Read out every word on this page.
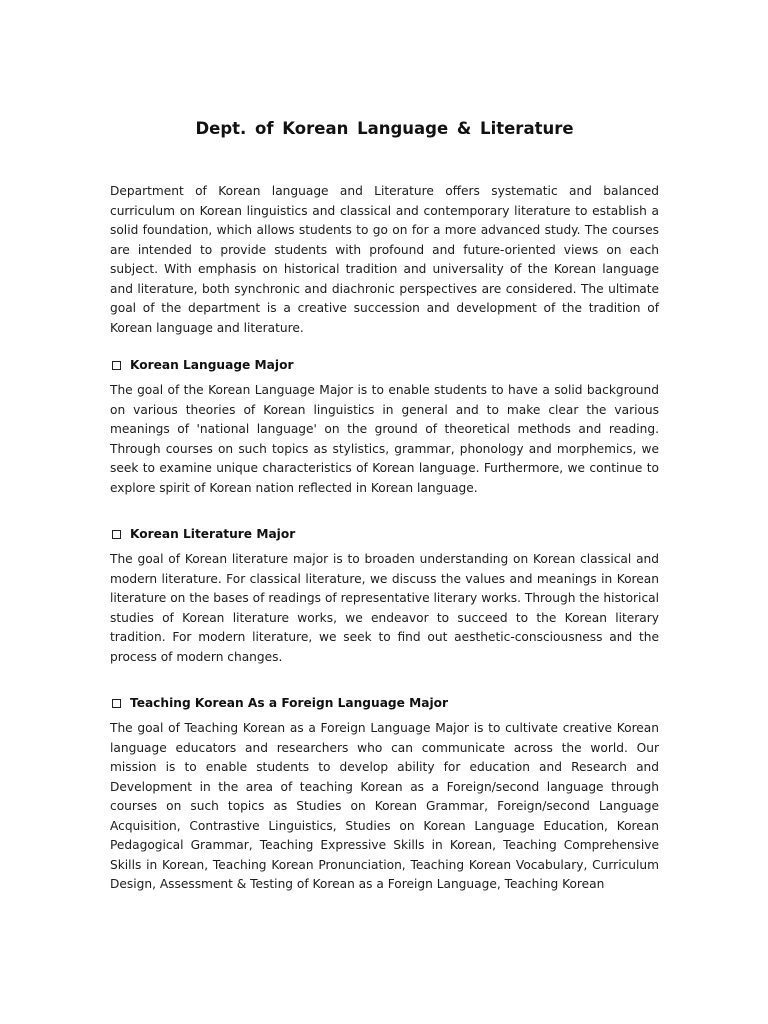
Dept. of Korean Language & Literature

Department of Korean language and Literature offers systematic and balanced curriculum on Korean linguistics and classical and contemporary literature to establish a solid foundation, which allows students to go on for a more advanced study. The courses are intended to provide students with profound and future-oriented views on each subject. With emphasis on historical tradition and universality of the Korean language and literature, both synchronic and diachronic perspectives are considered. The ultimate goal of the department is a creative succession and development of the tradition of Korean language and literature.

Korean Language Major

The goal of the Korean Language Major is to enable students to have a solid background on various theories of Korean linguistics in general and to make clear the various meanings of 'national language' on the ground of theoretical methods and reading. Through courses on such topics as stylistics, grammar, phonology and morphemics, we seek to examine unique characteristics of Korean language. Furthermore, we continue to explore spirit of Korean nation reflected in Korean language.

Korean Literature Major

The goal of Korean literature major is to broaden understanding on Korean classical and modern literature. For classical literature, we discuss the values and meanings in Korean literature on the bases of readings of representative literary works. Through the historical studies of Korean literature works, we endeavor to succeed to the Korean literary tradition. For modern literature, we seek to find out aesthetic-consciousness and the process of modern changes.

Teaching Korean As a Foreign Language Major

The goal of Teaching Korean as a Foreign Language Major is to cultivate creative Korean language educators and researchers who can communicate across the world. Our mission is to enable students to develop ability for education and Research and Development in the area of teaching Korean as a Foreign/second language through courses on such topics as Studies on Korean Grammar, Foreign/second Language Acquisition, Contrastive Linguistics, Studies on Korean Language Education, Korean Pedagogical Grammar, Teaching Expressive Skills in Korean, Teaching Comprehensive Skills in Korean, Teaching Korean Pronunciation, Teaching Korean Vocabulary, Curriculum Design, Assessment & Testing of Korean as a Foreign Language, Teaching Korean
